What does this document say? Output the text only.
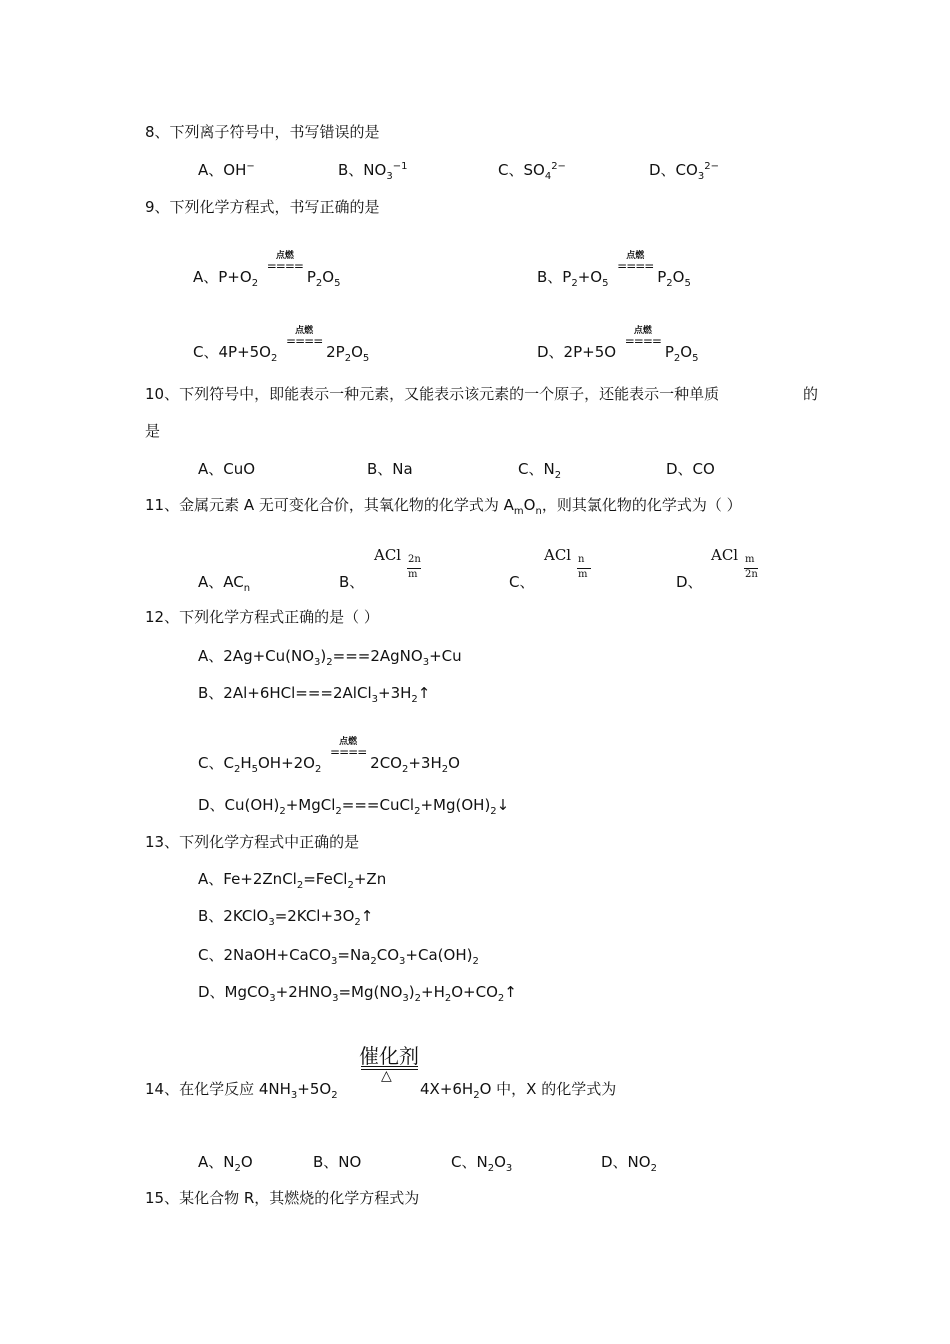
8、下列离子符号中，书写错误的是
A、OH−	B、$NO_3^{-1}$	C、$SO_4^{2-}$	D、$CO_3^{2-}$
9、下列化学方程式，书写正确的是
A、$P+O_2$
点燃
====
$P_2O_5$	B、$P_2+O_5$
点燃
====
$P_2O_5$
C、$4P+5O_2$
点燃
====
$2P_2O_5$	D、2P+5O
点燃
====
$P_2O_5$
10、下列符号中，即能表示一种元素，又能表示该元素的一个原子，还能表示一种单质	的
是
A、CuO	B、Na	C、$N_2$	D、CO
11、金属元素 A 无可变化合价，其氧化物的化学式为 $A_mO_n$，则其氯化物的化学式为（ ）
A、$AC_n$	B、
ACl 2n
m	C、
ACl n
m	D、
ACl m
2n
12、下列化学方程式正确的是（ ）
A、$2Ag+Cu(NO_3)_2===2AgNO_3+Cu$
B、$2Al+6HCl===2AlCl_3+3H_2↑$
C、$C_2H_5OH+2O_2$
点燃
====
$2CO_2+3H_2O$
D、$Cu(OH)_2+MgCl_2===CuCl_2+Mg(OH)_2↓$
13、下列化学方程式中正确的是
A、Fe+2ZnCl$_2$=FeCl$_2$+Zn
B、$2KClO_3=2KCl+3O_2↑$
C、$2NaOH+CaCO_3=Na_2CO_3+Ca(OH)_2$
D、$MgCO_3+2HNO_3=Mg(NO_3)_2+H_2O+CO_2↑$
催化剂
△
14、在化学反应 $4NH_3+5O_2$	$4X+6H_2O$ 中，X 的化学式为
A、$N_2O$	B、NO	C、$N_2O_3$	D、$NO_2$
15、某化合物 R，其燃烧的化学方程式为
